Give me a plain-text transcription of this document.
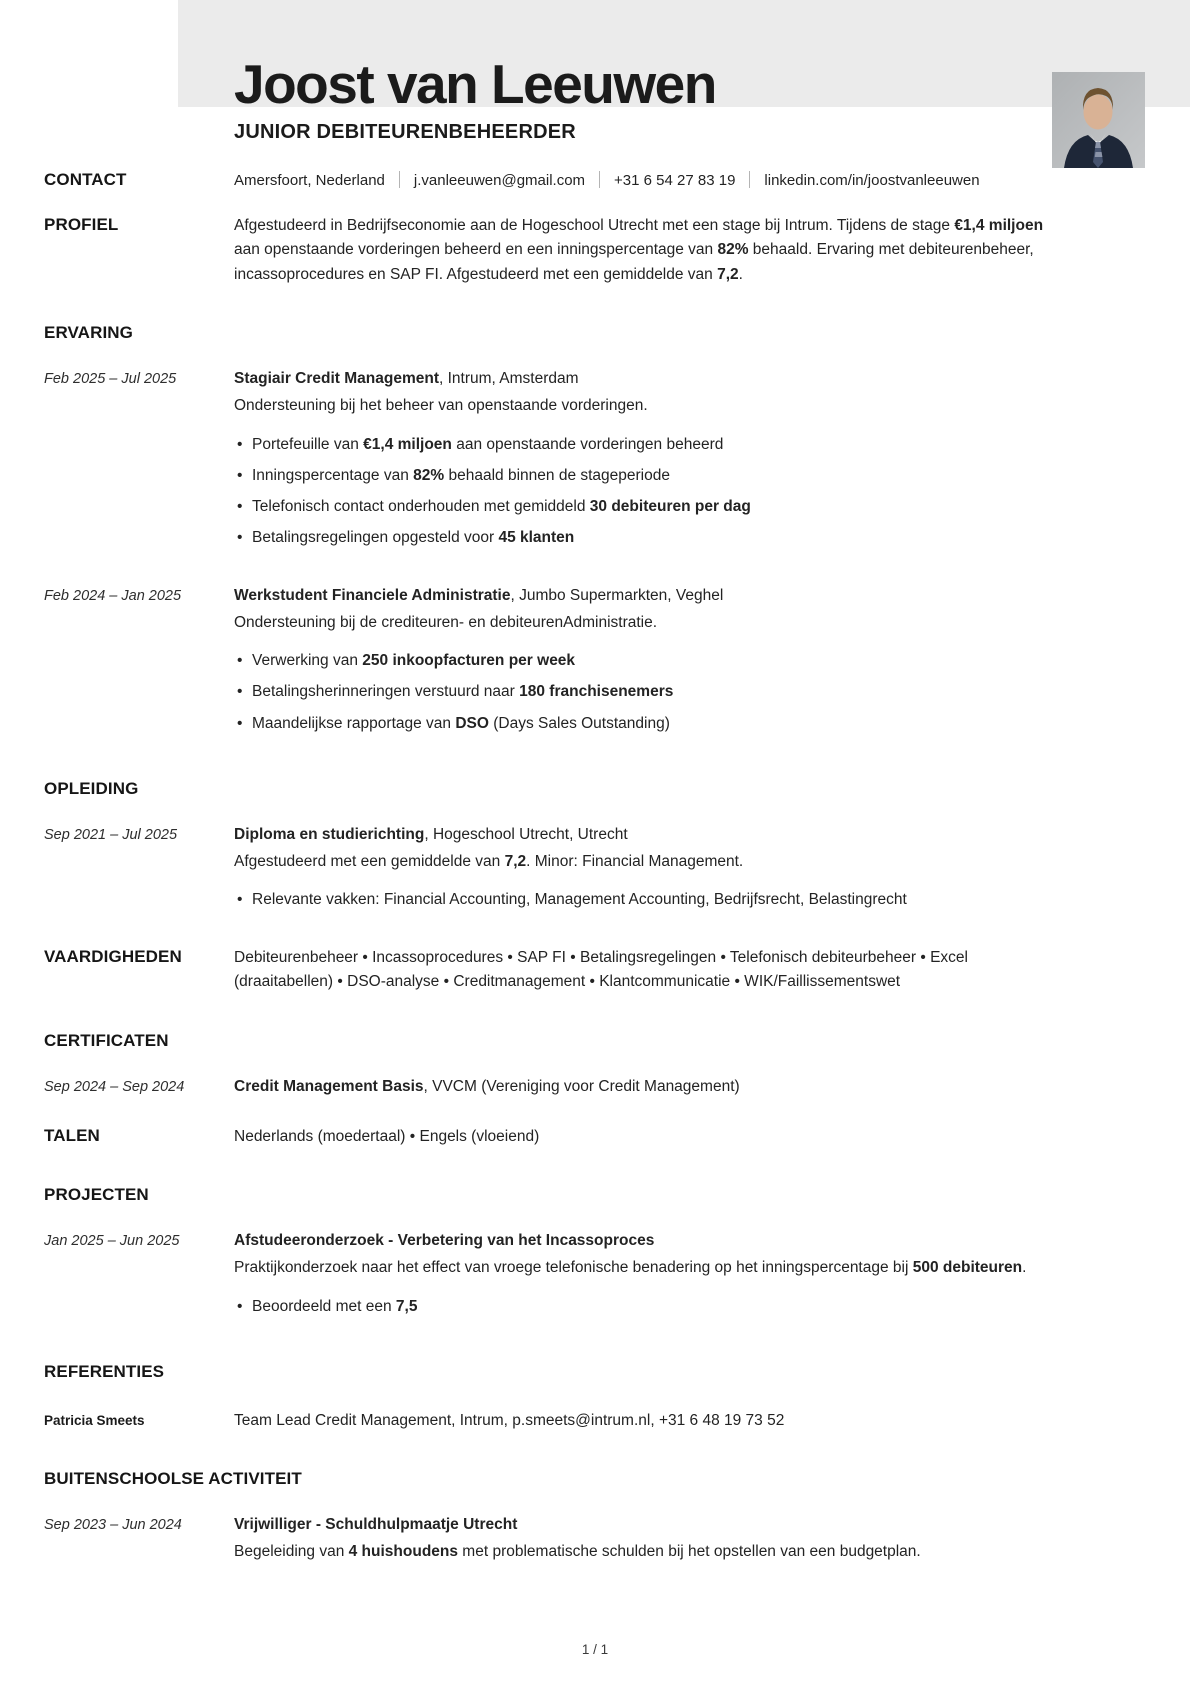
Joost van Leeuwen
JUNIOR DEBITEURENBEHEERDER
CONTACT	Amersfoort, Nederland j.vanleeuwen@gmail.com +31 6 54 27 83 19 linkedin.com/in/joostvanleeuwen
PROFIEL	Afgestudeerd in Bedrijfseconomie aan de Hogeschool Utrecht met een stage bij Intrum. Tijdens de stage €1,4 miljoen aan openstaande vorderingen beheerd en een inningspercentage van 82% behaald. Ervaring met debiteurenbeheer, incassoprocedures en SAP FI. Afgestudeerd met een gemiddelde van 7,2.
ERVARING
Feb 2025 – Jul 2025	Stagiair Credit Management, Intrum, Amsterdam
Ondersteuning bij het beheer van openstaande vorderingen.
• Portefeuille van €1,4 miljoen aan openstaande vorderingen beheerd
• Inningspercentage van 82% behaald binnen de stageperiode
• Telefonisch contact onderhouden met gemiddeld 30 debiteuren per dag
• Betalingsregelingen opgesteld voor 45 klanten
Feb 2024 – Jan 2025	Werkstudent Financiele Administratie, Jumbo Supermarkten, Veghel
Ondersteuning bij de crediteuren- en debiteurenAdministratie.
• Verwerking van 250 inkoopfacturen per week
• Betalingsherinneringen verstuurd naar 180 franchisenemers
• Maandelijkse rapportage van DSO (Days Sales Outstanding)
OPLEIDING
Sep 2021 – Jul 2025	Diploma en studierichting, Hogeschool Utrecht, Utrecht
Afgestudeerd met een gemiddelde van 7,2. Minor: Financial Management.
• Relevante vakken: Financial Accounting, Management Accounting, Bedrijfsrecht, Belastingrecht
VAARDIGHEDEN	Debiteurenbeheer • Incassoprocedures • SAP FI • Betalingsregelingen • Telefonisch debiteurbeheer • Excel (draaitabellen) • DSO-analyse • Creditmanagement • Klantcommunicatie • WIK/Faillissementswet
CERTIFICATEN
Sep 2024 – Sep 2024	Credit Management Basis, VVCM (Vereniging voor Credit Management)
TALEN	Nederlands (moedertaal) • Engels (vloeiend)
PROJECTEN
Jan 2025 – Jun 2025	Afstudeeronderzoek - Verbetering van het Incassoproces
Praktijkonderzoek naar het effect van vroege telefonische benadering op het inningspercentage bij 500 debiteuren.
• Beoordeeld met een 7,5
REFERENTIES
Patricia Smeets	Team Lead Credit Management, Intrum, p.smeets@intrum.nl, +31 6 48 19 73 52
BUITENSCHOOLSE ACTIVITEIT
Sep 2023 – Jun 2024	Vrijwilliger - Schuldhulpmaatje Utrecht
Begeleiding van 4 huishoudens met problematische schulden bij het opstellen van een budgetplan.
1 / 1
